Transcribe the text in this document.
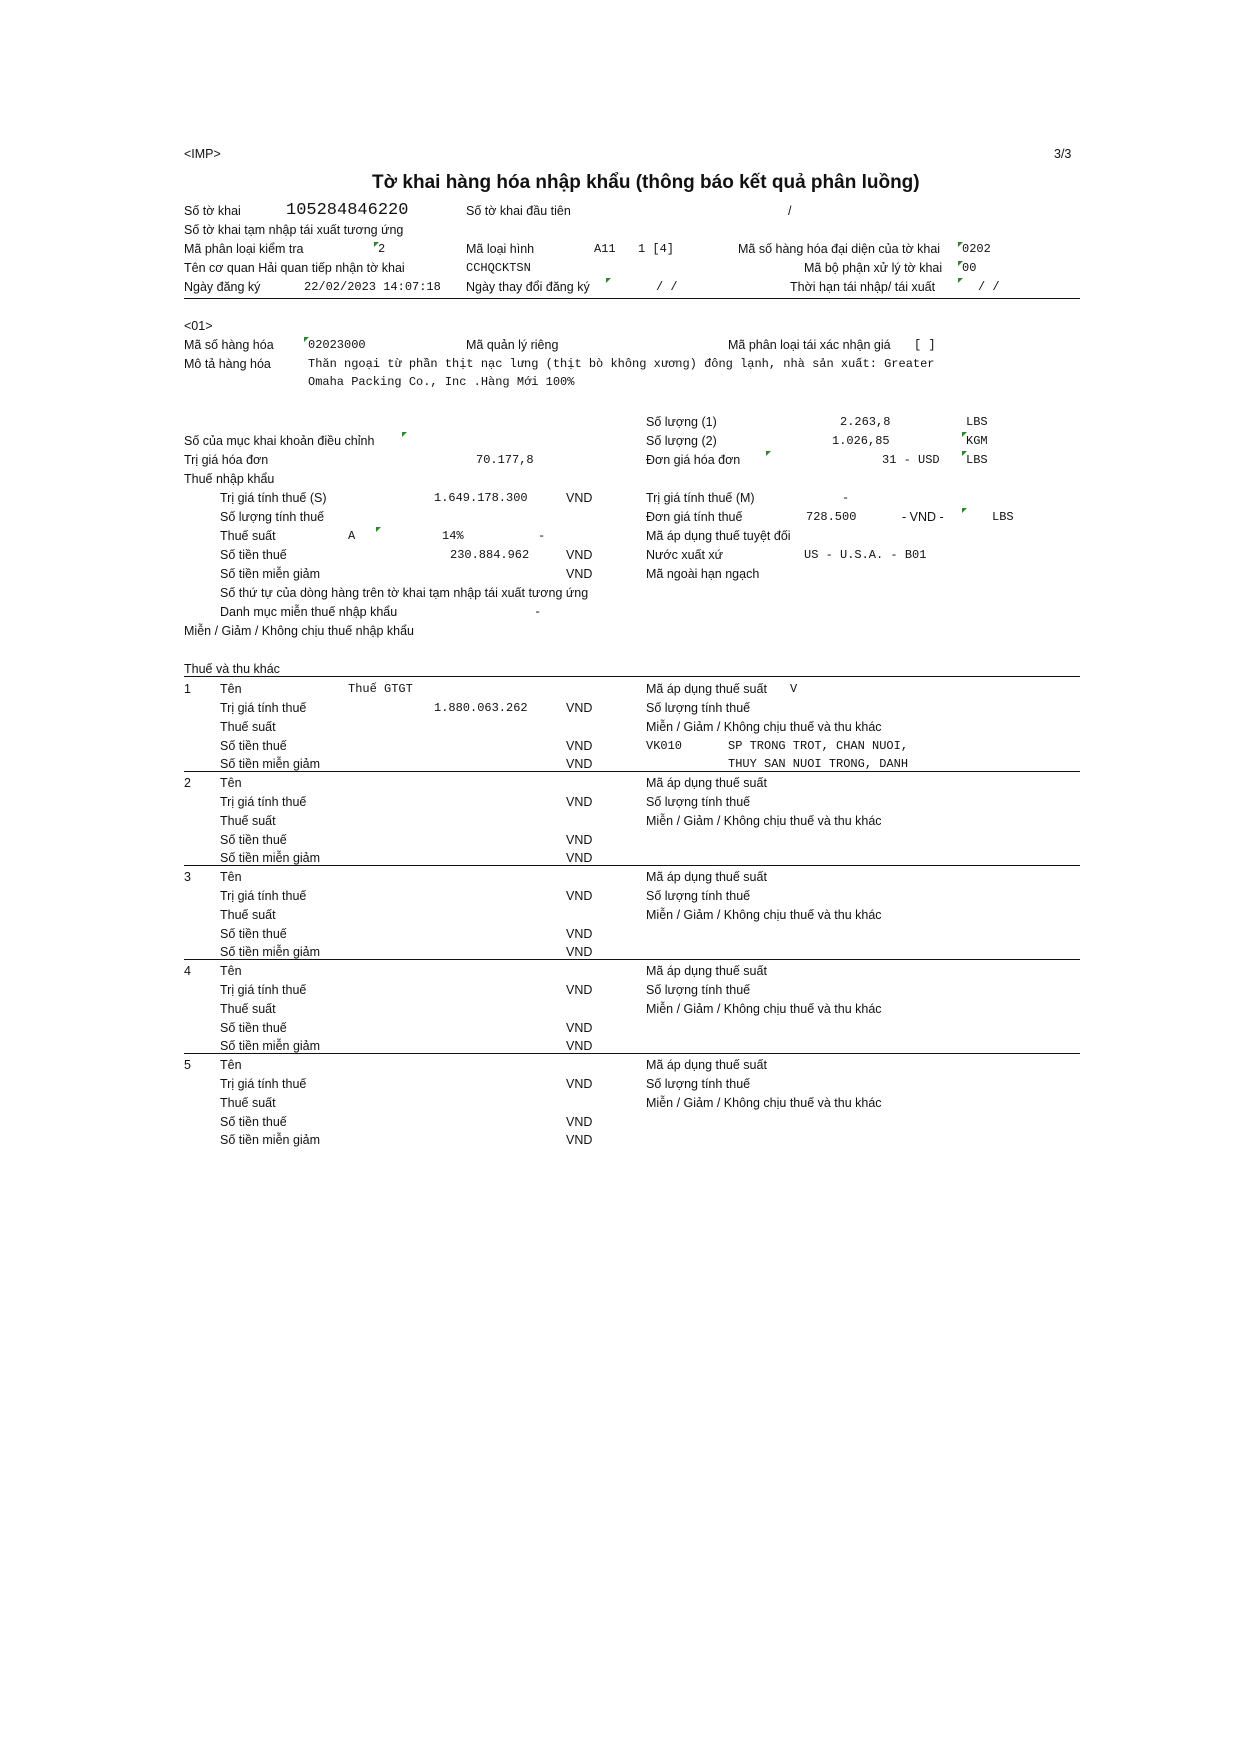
<IMP>	3/3
Tờ khai hàng hóa nhập khẩu (thông báo kết quả phân luồng)
Số tờ khai	105284846220	Số tờ khai đầu tiên	/
Số tờ khai tạm nhập tái xuất tương ứng
Mã phân loại kiểm tra	2	Mã loại hình	A11 1 [4]	Mã số hàng hóa đại diện của tờ khai 0202
Tên cơ quan Hải quan tiếp nhận tờ khai	CCHQCKTSN	Mã bộ phận xử lý tờ khai 00
Ngày đăng ký	22/02/2023 14:07:18 Ngày thay đổi đăng ký	/ /	Thời hạn tái nhập/ tái xuất	/ /
<01>
Mã số hàng hóa	02023000	Mã quản lý riêng	Mã phân loại tái xác nhận giá [ ]
Mô tả hàng hóa	Thăn ngoại từ phần thịt nạc lưng (thịt bò không xương) đông lạnh, nhà sản xuất: Greater
Omaha Packing Co., Inc .Hàng Mới 100%
Số lượng (1)	2.263,8	LBS
Số của mục khai khoản điều chỉnh	Số lượng (2)	1.026,85	KGM
Trị giá hóa đơn	70.177,8	Đơn giá hóa đơn	31 - USD LBS
Thuế nhập khẩu
Trị giá tính thuế (S)	1.649.178.300	VND	Trị giá tính thuế (M)	-
Số lượng tính thuế	Đơn giá tính thuế	728.500	- VND -	LBS
Thuế suất	A	14%	-	Mã áp dụng thuế tuyệt đối
Số tiền thuế	230.884.962	VND	Nước xuất xứ	US - U.S.A. - B01
Số tiền miễn giảm	VND	Mã ngoài hạn ngạch
Số thứ tự của dòng hàng trên tờ khai tạm nhập tái xuất tương ứng
Danh mục miễn thuế nhập khẩu	-
Miễn / Giảm / Không chịu thuế nhập khẩu
Thuế và thu khác
1 Tên	Thuế GTGT	Mã áp dụng thuế suất V
Trị giá tính thuế	1.880.063.262	VND	Số lượng tính thuế
Thuế suất	Miễn / Giảm / Không chịu thuế và thu khác
Số tiền thuế	VND	VK010	SP TRONG TROT, CHAN NUOI,
Số tiền miễn giảm	VND	THUY SAN NUOI TRONG, DANH
2 Tên	Mã áp dụng thuế suất
Trị giá tính thuế	VND	Số lượng tính thuế
Thuế suất	Miễn / Giảm / Không chịu thuế và thu khác
Số tiền thuế	VND
Số tiền miễn giảm	VND
3 Tên	Mã áp dụng thuế suất
Trị giá tính thuế	VND	Số lượng tính thuế
Thuế suất	Miễn / Giảm / Không chịu thuế và thu khác
Số tiền thuế	VND
Số tiền miễn giảm	VND
4 Tên	Mã áp dụng thuế suất
Trị giá tính thuế	VND	Số lượng tính thuế
Thuế suất	Miễn / Giảm / Không chịu thuế và thu khác
Số tiền thuế	VND
Số tiền miễn giảm	VND
5 Tên	Mã áp dụng thuế suất
Trị giá tính thuế	VND	Số lượng tính thuế
Thuế suất	Miễn / Giảm / Không chịu thuế và thu khác
Số tiền thuế	VND
Số tiền miễn giảm	VND
